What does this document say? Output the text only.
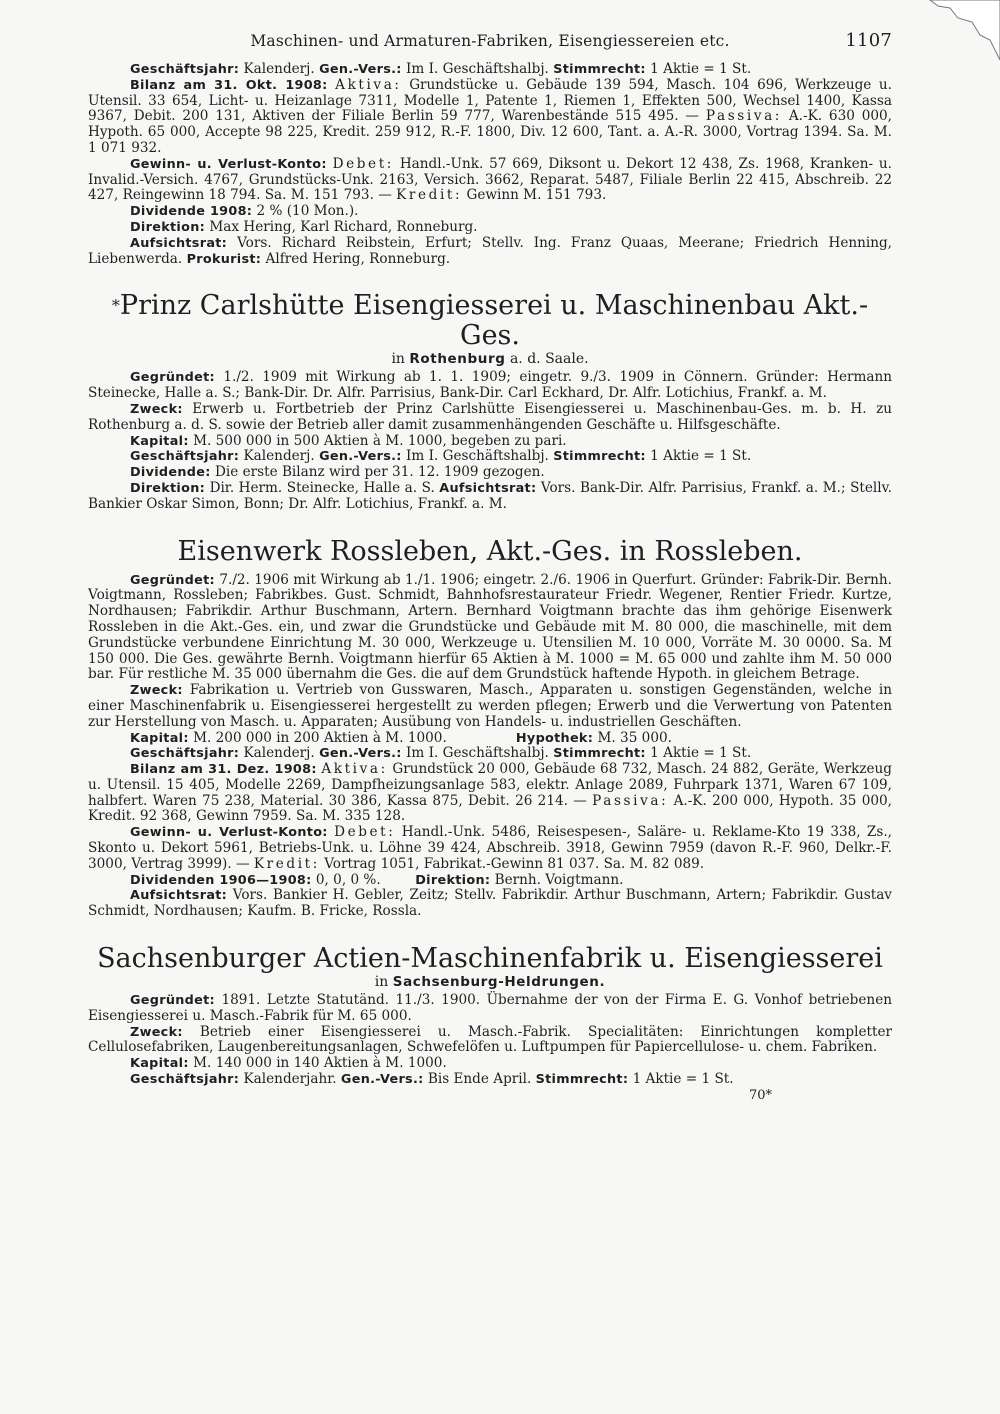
Maschinen- und Armaturen-Fabriken, Eisengiessereien etc.	1107

Geschäftsjahr: Kalenderj. Gen.-Vers.: Im I. Geschäftshalbj. Stimmrecht: 1 Aktie = 1 St.

Bilanz am 31. Okt. 1908: Aktiva: Grundstücke u. Gebäude 139 594, Masch. 104 696, Werkzeuge u. Utensil. 33 654, Licht- u. Heizanlage 7311, Modelle 1, Patente 1, Riemen 1, Effekten 500, Wechsel 1400, Kassa 9367, Debit. 200 131, Aktiven der Filiale Berlin 59 777, Warenbestände 515 495. — Passiva: A.-K. 630 000, Hypoth. 65 000, Accepte 98 225, Kredit. 259 912, R.-F. 1800, Div. 12 600, Tant. a. A.-R. 3000, Vortrag 1394. Sa. M. 1 071 932.

Gewinn- u. Verlust-Konto: Debet: Handl.-Unk. 57 669, Diksont u. Dekort 12 438, Zs. 1968, Kranken- u. Invalid.-Versich. 4767, Grundstücks-Unk. 2163, Versich. 3662, Reparat. 5487, Filiale Berlin 22 415, Abschreib. 22 427, Reingewinn 18 794. Sa. M. 151 793. — Kredit: Gewinn M. 151 793.

Dividende 1908: 2 % (10 Mon.).

Direktion: Max Hering, Karl Richard, Ronneburg.

Aufsichtsrat: Vors. Richard Reibstein, Erfurt; Stellv. Ing. Franz Quaas, Meerane; Friedrich Henning, Liebenwerda. Prokurist: Alfred Hering, Ronneburg.

*Prinz Carlshütte Eisengiesserei u. Maschinenbau Akt.-Ges.
in Rothenburg a. d. Saale.

Gegründet: 1./2. 1909 mit Wirkung ab 1. 1. 1909; eingetr. 9./3. 1909 in Cönnern. Gründer: Hermann Steinecke, Halle a. S.; Bank-Dir. Dr. Alfr. Parrisius, Bank-Dir. Carl Eckhard, Dr. Alfr. Lotichius, Frankf. a. M.

Zweck: Erwerb u. Fortbetrieb der Prinz Carlshütte Eisengiesserei u. Maschinenbau-Ges. m. b. H. zu Rothenburg a. d. S. sowie der Betrieb aller damit zusammenhängenden Geschäfte u. Hilfsgeschäfte.

Kapital: M. 500 000 in 500 Aktien à M. 1000, begeben zu pari.

Geschäftsjahr: Kalenderj. Gen.-Vers.: Im I. Geschäftshalbj. Stimmrecht: 1 Aktie = 1 St.

Dividende: Die erste Bilanz wird per 31. 12. 1909 gezogen.

Direktion: Dir. Herm. Steinecke, Halle a. S. Aufsichtsrat: Vors. Bank-Dir. Alfr. Parrisius, Frankf. a. M.; Stellv. Bankier Oskar Simon, Bonn; Dr. Alfr. Lotichius, Frankf. a. M.

Eisenwerk Rossleben, Akt.-Ges. in Rossleben.

Gegründet: 7./2. 1906 mit Wirkung ab 1./1. 1906; eingetr. 2./6. 1906 in Querfurt. Gründer: Fabrik-Dir. Bernh. Voigtmann, Rossleben; Fabrikbes. Gust. Schmidt, Bahnhofsrestaurateur Friedr. Wegener, Rentier Friedr. Kurtze, Nordhausen; Fabrikdir. Arthur Buschmann, Artern. Bernhard Voigtmann brachte das ihm gehörige Eisenwerk Rossleben in die Akt.-Ges. ein, und zwar die Grundstücke und Gebäude mit M. 80 000, die maschinelle, mit dem Grundstücke verbundene Einrichtung M. 30 000, Werkzeuge u. Utensilien M. 10 000, Vorräte M. 30 0000. Sa. M 150 000. Die Ges. gewährte Bernh. Voigtmann hierfür 65 Aktien à M. 1000 = M. 65 000 und zahlte ihm M. 50 000 bar. Für restliche M. 35 000 übernahm die Ges. die auf dem Grundstück haftende Hypoth. in gleichem Betrage.

Zweck: Fabrikation u. Vertrieb von Gusswaren, Masch., Apparaten u. sonstigen Gegenständen, welche in einer Maschinenfabrik u. Eisengiesserei hergestellt zu werden pflegen; Erwerb und die Verwertung von Patenten zur Herstellung von Masch. u. Apparaten; Ausübung von Handels- u. industriellen Geschäften.

Kapital: M. 200 000 in 200 Aktien à M. 1000.	Hypothek: M. 35 000.

Geschäftsjahr: Kalenderj. Gen.-Vers.: Im I. Geschäftshalbj. Stimmrecht: 1 Aktie = 1 St.

Bilanz am 31. Dez. 1908: Aktiva: Grundstück 20 000, Gebäude 68 732, Masch. 24 882, Geräte, Werkzeug u. Utensil. 15 405, Modelle 2269, Dampfheizungsanlage 583, elektr. Anlage 2089, Fuhrpark 1371, Waren 67 109, halbfert. Waren 75 238, Material. 30 386, Kassa 875, Debit. 26 214. — Passiva: A.-K. 200 000, Hypoth. 35 000, Kredit. 92 368, Gewinn 7959. Sa. M. 335 128.

Gewinn- u. Verlust-Konto: Debet: Handl.-Unk. 5486, Reisespesen-, Saläre- u. Reklame-Kto 19 338, Zs., Skonto u. Dekort 5961, Betriebs-Unk. u. Löhne 39 424, Abschreib. 3918, Gewinn 7959 (davon R.-F. 960, Delkr.-F. 3000, Vertrag 3999). — Kredit: Vortrag 1051, Fabrikat.-Gewinn 81 037. Sa. M. 82 089.

Dividenden 1906—1908: 0, 0, 0 %.	Direktion: Bernh. Voigtmann.

Aufsichtsrat: Vors. Bankier H. Gebler, Zeitz; Stellv. Fabrikdir. Arthur Buschmann, Artern; Fabrikdir. Gustav Schmidt, Nordhausen; Kaufm. B. Fricke, Rossla.

Sachsenburger Actien-Maschinenfabrik u. Eisengiesserei
in Sachsenburg-Heldrungen.

Gegründet: 1891. Letzte Statutänd. 11./3. 1900. Übernahme der von der Firma E. G. Vonhof betriebenen Eisengiesserei u. Masch.-Fabrik für M. 65 000.

Zweck: Betrieb einer Eisengiesserei u. Masch.-Fabrik. Specialitäten: Einrichtungen kompletter Cellulosefabriken, Laugenbereitungsanlagen, Schwefelöfen u. Luftpumpen für Papiercellulose- u. chem. Fabriken.

Kapital: M. 140 000 in 140 Aktien à M. 1000.

Geschäftsjahr: Kalenderjahr. Gen.-Vers.: Bis Ende April. Stimmrecht: 1 Aktie = 1 St.

70*
